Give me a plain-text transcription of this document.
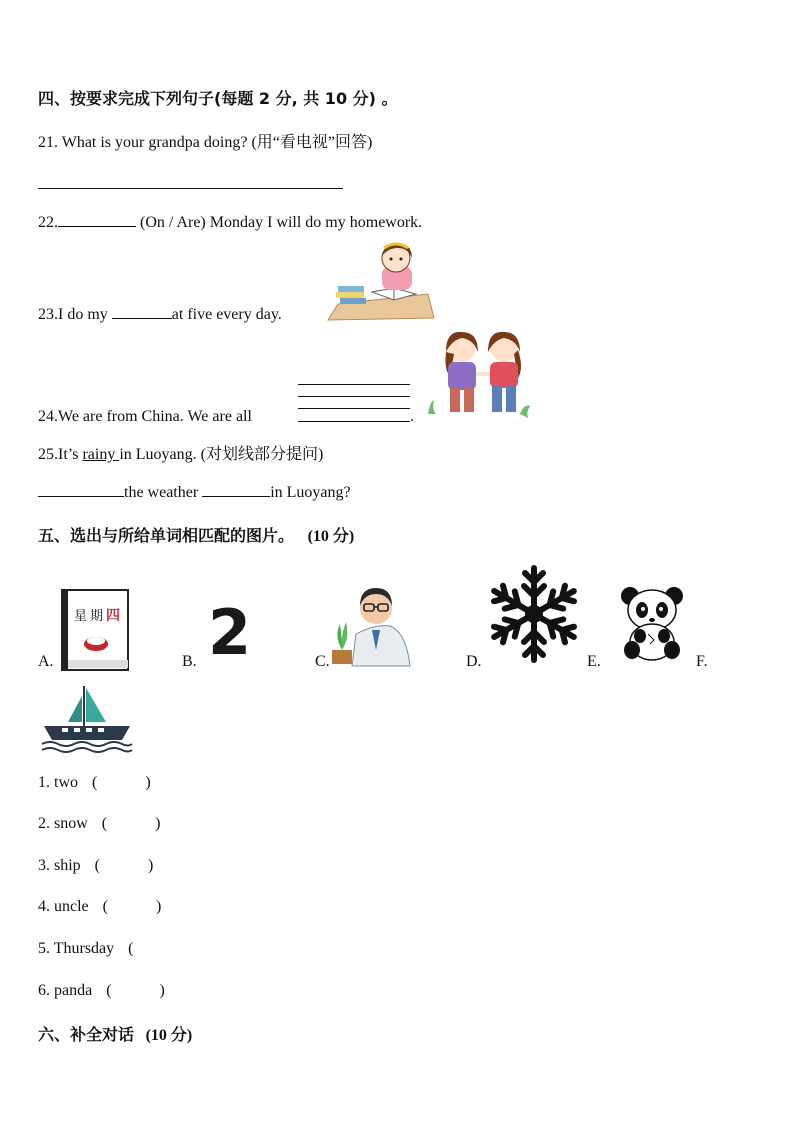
四、按要求完成下列句子(每题 2 分, 共 10 分) 。
21. What is your grandpa doing? (用“看电视”回答)
22.	(On / Are) Monday I will do my homework.
23.I do my	at five every day.
24.We are from China. We are all	.
25.It’s rainy in Luoyang. (对划线部分提问)
the weather	in Luoyang?
五、选出与所给单词相匹配的图片。 (10 分)
A.
星 期 四
B. 2	C.	D.	E.	F.
1. two (            )
2. snow (            )
3. ship (            )
4. uncle (            )
5. Thursday (
6. panda (            )
六、补全对话 (10 分)
